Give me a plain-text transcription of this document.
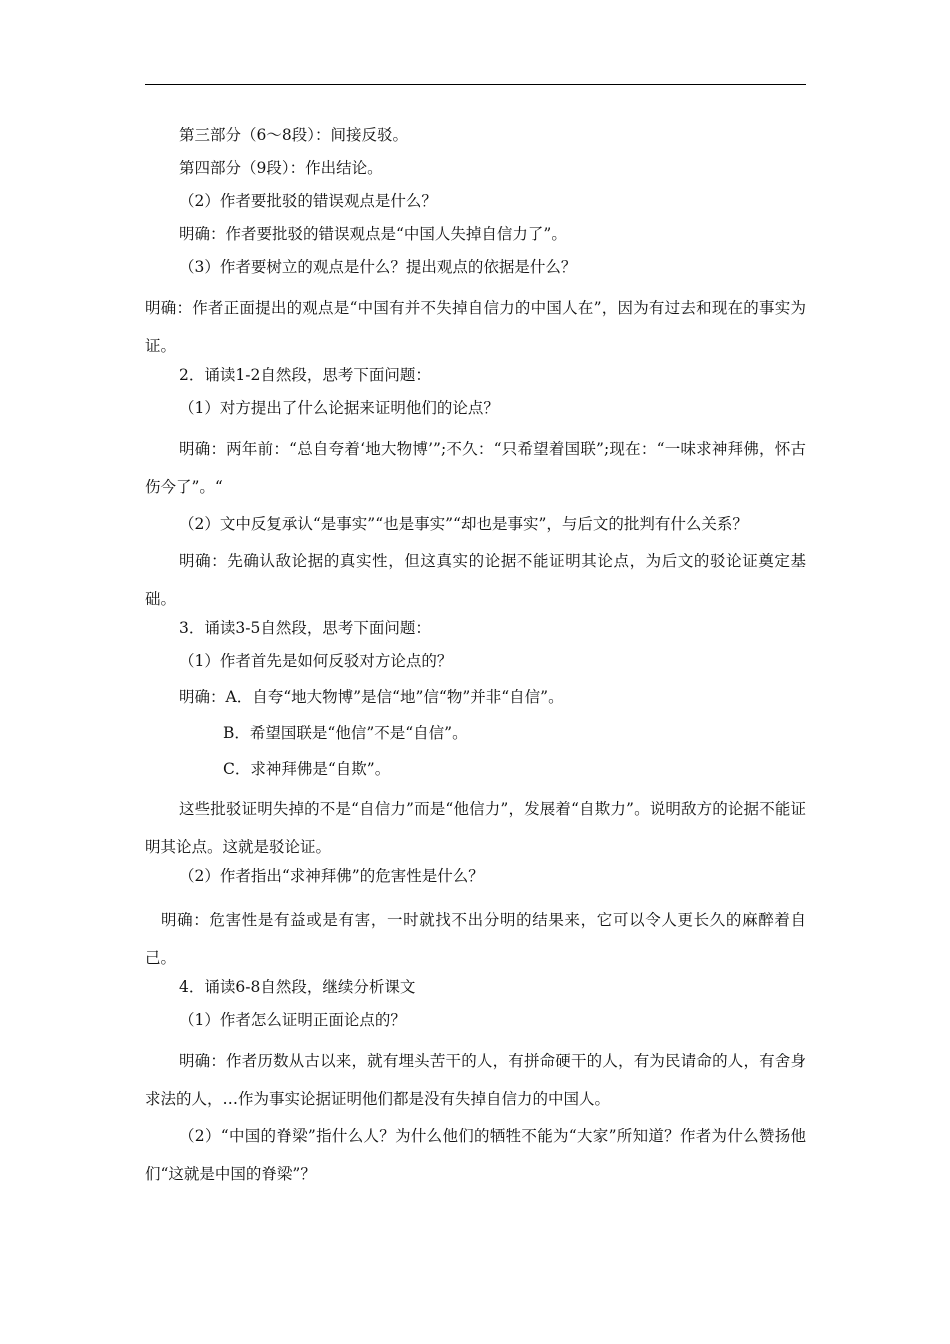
第三部分（6～8段）：间接反驳。

第四部分（9段）：作出结论。

（2）作者要批驳的错误观点是什么？

明确：作者要批驳的错误观点是“中国人失掉自信力了”。

（3）作者要树立的观点是什么？提出观点的依据是什么？

明确：作者正面提出的观点是“中国有并不失掉自信力的中国人在”，因为有过去和现在的事实为证。

2．诵读1-2自然段，思考下面问题：

（1）对方提出了什么论据来证明他们的论点？

明确：两年前：“总自夸着‘地大物博’”;不久：“只希望着国联”;现在：“一味求神拜佛，怀古伤今了”。“

（2）文中反复承认“是事实”“也是事实”“却也是事实”，与后文的批判有什么关系？

明确：先确认敌论据的真实性，但这真实的论据不能证明其论点，为后文的驳论证奠定基础。

3．诵读3-5自然段，思考下面问题：

（1）作者首先是如何反驳对方论点的？

明确：A．自夸“地大物博”是信“地”信“物”并非“自信”。

B．希望国联是“他信”不是“自信”。

C．求神拜佛是“自欺”。

这些批驳证明失掉的不是“自信力”而是“他信力”，发展着“自欺力”。说明敌方的论据不能证明其论点。这就是驳论证。

（2）作者指出“求神拜佛”的危害性是什么？

明确：危害性是有益或是有害，一时就找不出分明的结果来，它可以令人更长久的麻醉着自己。

4．诵读6-8自然段，继续分析课文

（1）作者怎么证明正面论点的？

明确：作者历数从古以来，就有埋头苦干的人，有拼命硬干的人，有为民请命的人，有舍身求法的人，…作为事实论据证明他们都是没有失掉自信力的中国人。

（2）“中国的脊梁”指什么人？为什么他们的牺牲不能为“大家”所知道？作者为什么赞扬他们“这就是中国的脊梁”？
